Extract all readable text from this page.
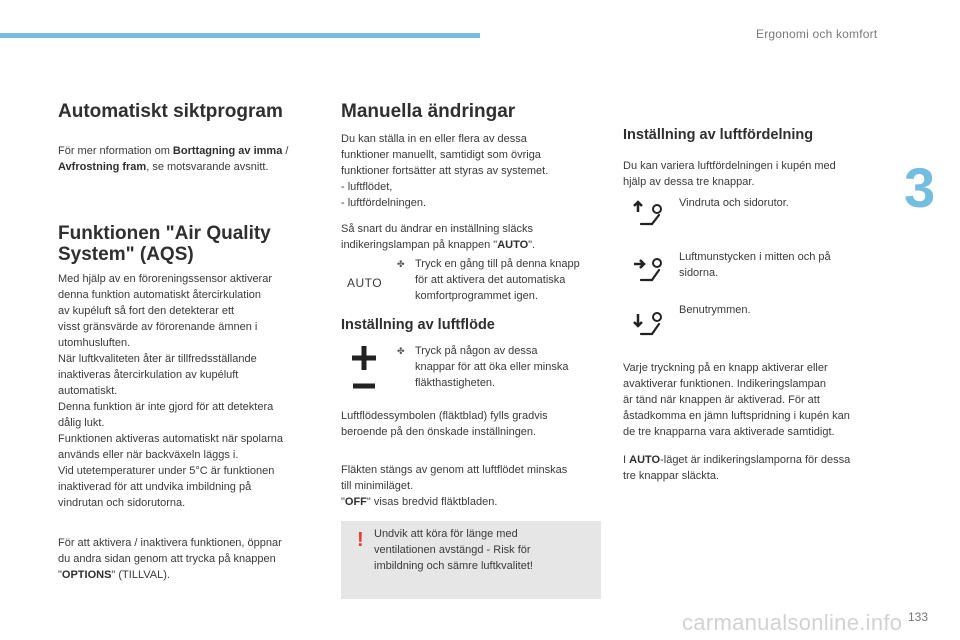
Ergonomi och komfort
3
Automatiskt siktprogram

För mer nformation om Borttagning av imma /
Avfrostning fram, se motsvarande avsnitt.

Funktionen "Air Quality System" (AQS)

Med hjälp av en föroreningssensor aktiverar
denna funktion automatiskt återcirkulation
av kupéluft så fort den detekterar ett
visst gränsvärde av förorenande ämnen i
utomhusluften.
När luftkvaliteten åter är tillfredsställande
inaktiveras återcirkulation av kupéluft
automatiskt.
Denna funktion är inte gjord för att detektera
dålig lukt.
Funktionen aktiveras automatiskt när spolarna
används eller när backväxeln läggs i.
Vid utetemperaturer under 5°C är funktionen
inaktiverad för att undvika imbildning på
vindrutan och sidorutorna.

För att aktivera / inaktivera funktionen, öppnar
du andra sidan genom att trycka på knappen
"OPTIONS" (TILLVAL).

Manuella ändringar

Du kan ställa in en eller flera av dessa
funktioner manuellt, samtidigt som övriga
funktioner fortsätter att styras av systemet.
- luftflödet,
- luftfördelningen.

Så snart du ändrar en inställning släcks
indikeringslampan på knappen "AUTO".

AUTO
✤ Tryck en gång till på denna knapp
för att aktivera det automatiska
komfortprogrammet igen.
Inställning av luftflöde
✤ Tryck på någon av dessa
knappar för att öka eller minska
fläkthastigheten.
Luftflödessymbolen (fläktblad) fylls gradvis
beroende på den önskade inställningen.
Fläkten stängs av genom att luftflödet minskas
till minimiläget.
"OFF" visas bredvid fläktbladen.
! Undvik att köra för länge med
ventilationen avstängd - Risk för
imbildning och sämre luftkvalitet!
Inställning av luftfördelning

Du kan variera luftfördelningen i kupén med
hjälp av dessa tre knappar.

Vindruta och sidorutor.
Luftmunstycken i mitten och på
sidorna.
Benutrymmen.
Varje tryckning på en knapp aktiverar eller
avaktiverar funktionen. Indikeringslampan
är tänd när knappen är aktiverad. För att
åstadkomma en jämn luftspridning i kupén kan
de tre knapparna vara aktiverade samtidigt.
I AUTO-läget är indikeringslamporna för dessa
tre knappar släckta.
carmanualsonline.info 133
